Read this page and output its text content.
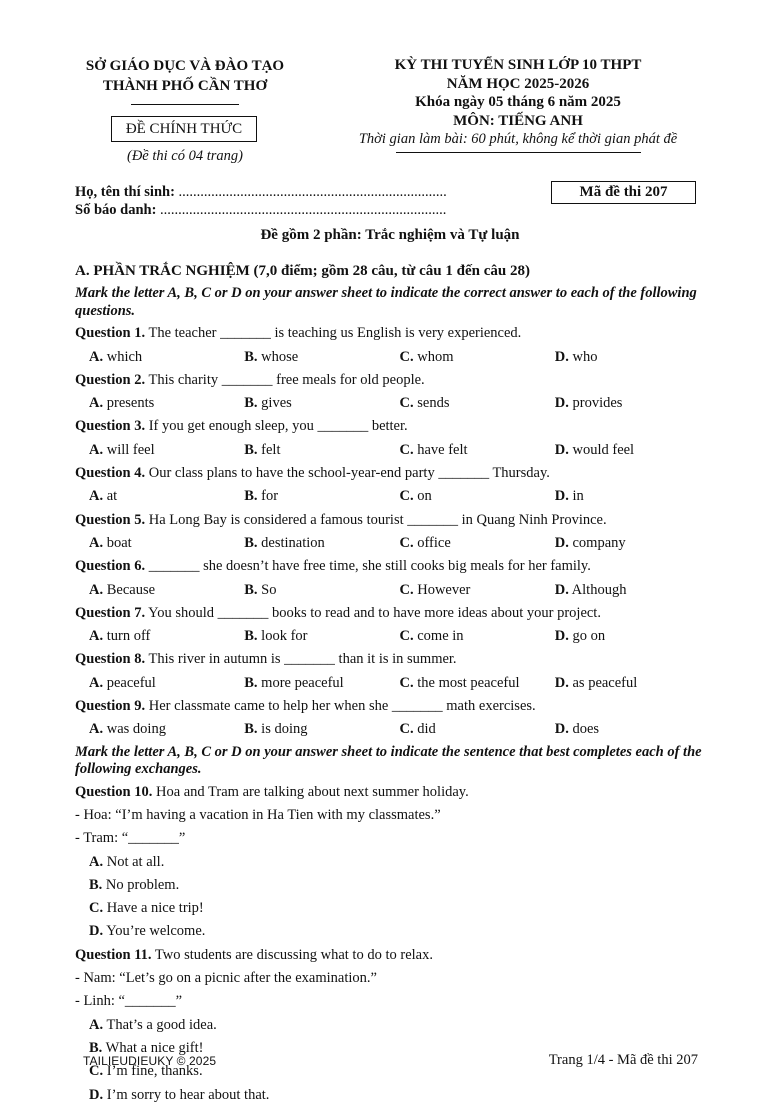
SỞ GIÁO DỤC VÀ ĐÀO TẠO
THÀNH PHỐ CẦN THƠ
ĐỀ CHÍNH THỨC
(Đề thi có 04 trang)
KỲ THI TUYỂN SINH LỚP 10 THPT
NĂM HỌC 2025-2026
Khóa ngày 05 tháng 6 năm 2025
MÔN: TIẾNG ANH
Thời gian làm bài: 60 phút, không kể thời gian phát đề
Họ, tên thí sinh: ..........................................................................
Số báo danh: ...............................................................................
Mã đề thi 207
Đề gồm 2 phần: Trắc nghiệm và Tự luận
A. PHẦN TRẮC NGHIỆM (7,0 điểm; gồm 28 câu, từ câu 1 đến câu 28)
Mark the letter A, B, C or D on your answer sheet to indicate the correct answer to each of the following questions.
Question 1. The teacher _______ is teaching us English is very experienced.
A. which	B. whose	C. whom	D. who
Question 2. This charity _______ free meals for old people.
A. presents	B. gives	C. sends	D. provides
Question 3. If you get enough sleep, you _______ better.
A. will feel	B. felt	C. have felt	D. would feel
Question 4. Our class plans to have the school-year-end party _______ Thursday.
A. at	B. for	C. on	D. in
Question 5. Ha Long Bay is considered a famous tourist _______ in Quang Ninh Province.
A. boat	B. destination	C. office	D. company
Question 6. _______ she doesn’t have free time, she still cooks big meals for her family.
A. Because	B. So	C. However	D. Although
Question 7. You should _______ books to read and to have more ideas about your project.
A. turn off	B. look for	C. come in	D. go on
Question 8. This river in autumn is _______ than it is in summer.
A. peaceful	B. more peaceful	C. the most peaceful	D. as peaceful
Question 9. Her classmate came to help her when she _______ math exercises.
A. was doing	B. is doing	C. did	D. does
Mark the letter A, B, C or D on your answer sheet to indicate the sentence that best completes each of the following exchanges.
Question 10. Hoa and Tram are talking about next summer holiday.
- Hoa: “I’m having a vacation in Ha Tien with my classmates.”
- Tram: “_______”
A. Not at all.
B. No problem.
C. Have a nice trip!
D. You’re welcome.
Question 11. Two students are discussing what to do to relax.
- Nam: “Let’s go on a picnic after the examination.”
- Linh: “_______”
A. That’s a good idea.
B. What a nice gift!
C. I’m fine, thanks.
D. I’m sorry to hear about that.
TAILIEUDIEUKY © 2025	Trang 1/4 - Mã đề thi 207
